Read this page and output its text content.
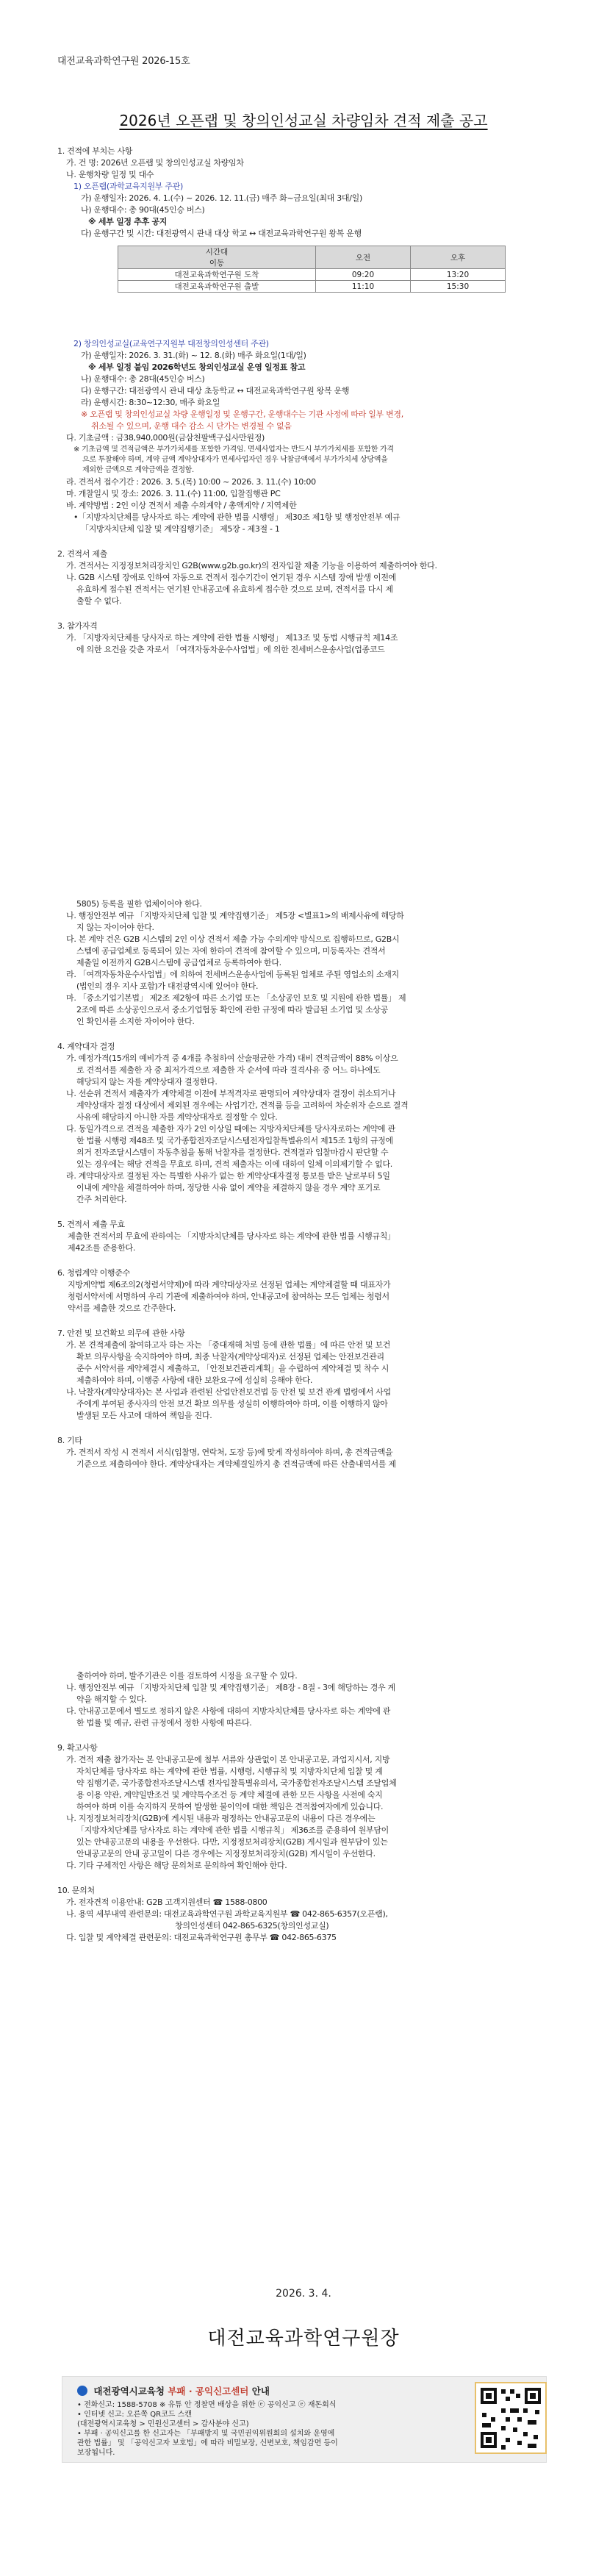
대전교육과학연구원 2026-15호
2026년 오픈랩 및 창의인성교실 차량임차 견적 제출 공고
1. 견적에 부치는 사항
가. 건 명: 2026년 오픈랩 및 창의인성교실 차량임차
나. 운행차량 일정 및 대수
1) 오픈랩(과학교육지원부 주관)
가) 운행일자: 2026. 4. 1.(수) ~ 2026. 12. 11.(금) 매주 화~금요일(최대 3대/일)
나) 운행대수: 총 90대(45인승 버스)
※ 세부 일정 추후 공지
다) 운행구간 및 시간: 대전광역시 관내 대상 학교 ↔ 대전교육과학연구원 왕복 운행
2) 창의인성교실(교육연구지원부 대전창의인성센터 주관)
가) 운행일자: 2026. 3. 31.(화) ~ 12. 8.(화) 매주 화요일(1대/일)
※ 세부 일정 붙임 2026학년도 창의인성교실 운영 일정표 참고
나) 운행대수: 총 28대(45인승 버스)
다) 운행구간: 대전광역시 관내 대상 초등학교 ↔ 대전교육과학연구원 왕복 운행
라) 운행시간: 8:30~12:30, 매주 화요일
※ 오픈랩 및 창의인성교실 차량 운행일정 및 운행구간, 운행대수는 기관 사정에 따라 일부 변경,
취소될 수 있으며, 운행 대수 감소 시 단가는 변경될 수 없음
다. 기초금액 : 금38,940,000원(금삼천팔백구십사만원정)
※ 기초금액 및 견적금액은 부가가치세를 포함한 가격임. 면세사업자는 반드시 부가가치세를 포함한 가격
으로 투찰해야 하며, 계약 금액 계약상대자가 면세사업자인 경우 낙찰금액에서 부가가치세 상당액을
제외한 금액으로 계약금액을 결정함.
라. 견적서 접수기간 : 2026. 3. 5.(목) 10:00 ~ 2026. 3. 11.(수) 10:00
마. 개찰일시 및 장소: 2026. 3. 11.(수) 11:00, 입찰집행관 PC
바. 계약방법 : 2인 이상 견적서 제출 수의계약 / 총액계약 / 지역제한
•「지방자치단체를 당사자로 하는 계약에 관한 법률 시행령」 제30조 제1항 및 행정안전부 예규
「지방자치단체 입찰 및 계약집행기준」 제5장 - 제3절 - 1
2. 견적서 제출
가. 견적서는 지정정보처리장치인 G2B(www.g2b.go.kr)의 전자입찰 제출 기능을 이용하여 제출하여야 한다.
나. G2B 시스템 장애로 인하여 자동으로 견적서 접수기간이 연기된 경우 시스템 장애 발생 이전에
유효하게 접수된 견적서는 연기된 안내공고에 유효하게 접수한 것으로 보며, 견적서를 다시 제
출할 수 없다.
3. 참가자격
가. 「지방자치단체를 당사자로 하는 계약에 관한 법률 시행령」 제13조 및 동법 시행규칙 제14조
에 의한 요건을 갖춘 자로서 「여객자동차운수사업법」에 의한 전세버스운송사업(업종코드
5805) 등록을 필한 업체이어야 한다.
나. 행정안전부 예규 「지방자치단체 입찰 및 계약집행기준」 제5장 <별표1>의 배제사유에 해당하
지 않는 자이어야 한다.
다. 본 계약 건은 G2B 시스템의 2인 이상 견적서 제출 가능 수의계약 방식으로 집행하므로, G2B시
스템에 공급업체로 등록되어 있는 자에 한하여 견적에 참여할 수 있으며, 미등록자는 견적서
제출일 이전까지 G2B시스템에 공급업체로 등록하여야 한다.
라. 「여객자동차운수사업법」에 의하여 전세버스운송사업에 등록된 업체로 주된 영업소의 소재지
(법인의 경우 지사 포함)가 대전광역시에 있어야 한다.
마. 「중소기업기본법」 제2조 제2항에 따른 소기업 또는 「소상공인 보호 및 지원에 관한 법률」 제
2조에 따른 소상공인으로서 중소기업협동 확인에 관한 규정에 따라 발급된 소기업 및 소상공
인 확인서를 소지한 자이어야 한다.
4. 계약대자 결정
가. 예정가격(15개의 예비가격 중 4개를 추첨하여 산술평균한 가격) 대비 견적금액이 88% 이상으
로 견적서를 제출한 자 중 최저가격으로 제출한 자 순서에 따라 결격사유 중 어느 하나에도
해당되지 않는 자를 계약상대자 결정한다.
나. 선순위 견적서 제출자가 계약체결 이전에 부적격자로 판명되어 계약상대자 결정이 취소되거나
계약상대자 결정 대상에서 제외된 경우에는 사업기간, 견적률 등을 고려하여 차순위자 순으로 결격
사유에 해당하지 아니한 자를 계약상대자로 결정할 수 있다.
다. 동일가격으로 견적을 제출한 자가 2인 이상일 때에는 지방자치단체를 당사자로하는 계약에 관
한 법률 시행령 제48조 및 국가종합전자조달시스템전자입찰특별유의서 제15조 1항의 규정에
의거 전자조달시스템이 자동추첨을 통해 낙찰자를 결정한다. 견적결과 입찰마감시 판단할 수
있는 경우에는 해당 견적을 무효로 하며, 견적 제출자는 이에 대하여 일체 이의제기할 수 없다.
라. 계약대상자로 결정된 자는 특별한 사유가 없는 한 계약상대자결정 통보를 받은 날로부터 5일
이내에 계약을 체결하여야 하며, 정당한 사유 없이 계약을 체결하지 않을 경우 계약 포기로
간주 처리한다.
5. 견적서 제출 무효
제출한 견적서의 무효에 관하여는 「지방자치단체를 당사자로 하는 계약에 관한 법률 시행규칙」
제42조를 준용한다.
6. 청렴계약 이행준수
지방계약법 제6조의2(청렴서약제)에 따라 계약대상자로 선정된 업체는 계약체결할 때 대표자가
청렴서약서에 서명하여 우리 기관에 제출하여야 하며, 안내공고에 참여하는 모든 업체는 청렴서
약서를 제출한 것으로 간주한다.
7. 안전 및 보건확보 의무에 관한 사항
가. 본 견적제출에 참여하고자 하는 자는 「중대재해 처벌 등에 관한 법률」에 따른 안전 및 보건
확보 의무사항을 숙지하여야 하며, 최종 낙찰자(계약상대자)로 선정된 업체는 안전보건관리
준수 서약서를 계약체결시 제출하고, 「안전보건관리계획」을 수립하여 계약체결 및 착수 시
제출하여야 하며, 이행중 사항에 대한 보완요구에 성실히 응해야 한다.
나. 낙찰자(계약상대자)는 본 사업과 관련된 산업안전보건법 등 안전 및 보건 관계 법령에서 사업
주에게 부여된 종사자의 안전 보건 확보 의무를 성실히 이행하여야 하며, 이를 이행하지 않아
발생된 모든 사고에 대하여 책임을 진다.
8. 기타
가. 견적서 작성 시 견적서 서식(입찰명, 연락처, 도장 등)에 맞게 작성하여야 하며, 총 견적금액을
기준으로 제출하여야 한다. 계약상대자는 계약체결일까지 총 견적금액에 따른 산출내역서를 제
출하여야 하며, 발주기관은 이를 검토하여 시정을 요구할 수 있다.
나. 행정안전부 예규 「지방자치단체 입찰 및 계약집행기준」 제8장 - 8절 - 3에 해당하는 경우 계
약을 해지할 수 있다.
다. 안내공고문에서 별도로 정하지 않은 사항에 대하여 지방자치단체를 당사자로 하는 계약에 관
한 법률 및 예규, 관련 규정에서 정한 사항에 따른다.
9. 확고사항
가. 견적 제출 참가자는 본 안내공고문에 첨부 서류와 상관없이 본 안내공고문, 과업지시서, 지방
자치단체를 당사자로 하는 계약에 관한 법률, 시행령, 시행규칙 및 지방자치단체 입찰 및 계
약 집행기준, 국가종합전자조달시스템 전자입찰특별유의서, 국가종합전자조달시스템 조달업체
용 이용 약관, 계약일반조건 및 계약특수조건 등 계약 체결에 관한 모든 사항을 사전에 숙지
하여야 하며 이를 숙지하지 못하여 발생한 불이익에 대한 책임은 견적참여자에게 있습니다.
나. 지정정보처리장치(G2B)에 게시된 내용과 평정하는 안내공고문의 내용이 다른 경우에는
「지방자치단체를 당사자로 하는 계약에 관한 법률 시행규칙」 제36조를 준용하여 원부담이
있는 안내공고문의 내용을 우선한다. 다만, 지정정보처리장치(G2B) 게시일과 원부담이 있는
안내공고문의 안내 공고일이 다른 경우에는 지정정보처리장치(G2B) 게시일이 우선한다.
다. 기타 구체적인 사항은 해당 문의처로 문의하여 확인해야 한다.
10. 문의처
가. 전자견적 이용안내: G2B 고객지원센터 ☎ 1588-0800
나. 용역 세부내역 관련문의: 대전교육과학연구원 과학교육지원부 ☎ 042-865-6357(오픈랩),
창의인성센터 042-865-6325(창의인성교실)
다. 입찰 및 계약체결 관련문의: 대전교육과학연구원 총무부 ☎ 042-865-6375
시간대
이동	오전	오후
대전교육과학연구원 도착	09:20	13:20
대전교육과학연구원 출발	11:10	15:30
2026. 3. 4.
대전교육과학연구원장
대전광역시교육청 부패 · 공익신고센터 안내
• 전화신고: 1588-5708 ※ 유튜 안 정찰면 배상을 위한 ⓔ 공익신고 ⓔ 재돈회식
• 인터넷 신고: 오른쪽 QR코드 스캔
(대전광역시교육청 > 민원신고센터 > 갑사분야 신고)
• 부패 · 공익신고를 한 신고자는 「부패방지 및 국민권익위원회의 설치와 운영에
관한 법률」 및 「공익신고자 보호법」에 따라 비밀보장, 신변보호, 책임감면 등이
보장됩니다.
